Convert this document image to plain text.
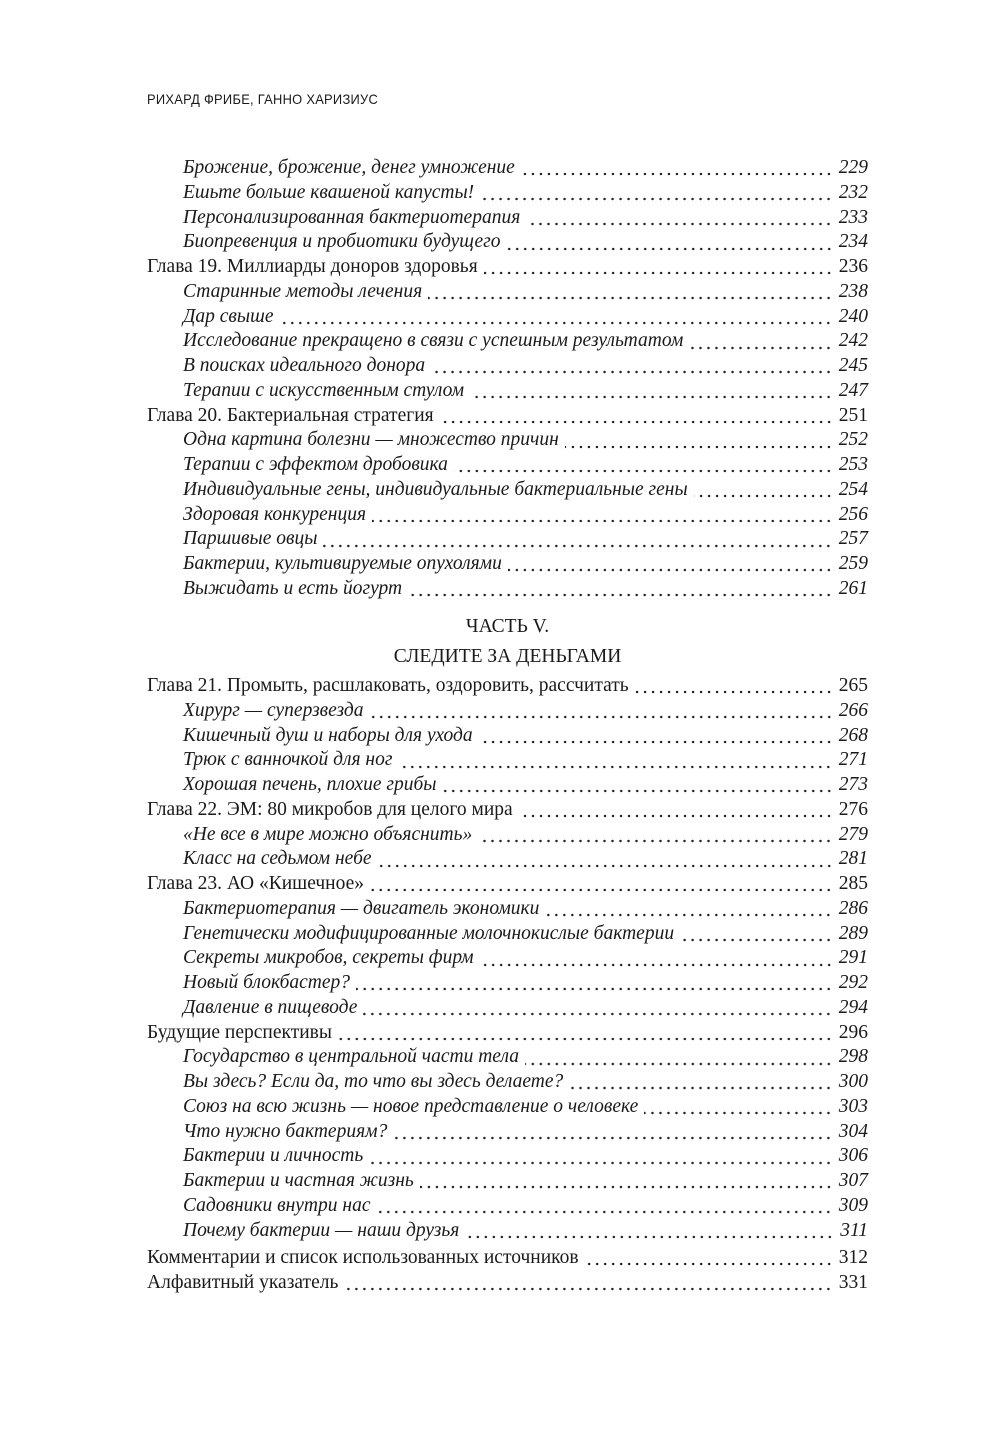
РИХАРД ФРИБЕ, ГАННО ХАРИЗИУС
Брожение, брожение, денег умножение	229
Ешьте больше квашеной капусты!	232
Персонализированная бактериотерапия	233
Биопревенция и пробиотики будущего	234
Глава 19. Миллиарды доноров здоровья	236
Старинные методы лечения	238
Дар свыше	240
Исследование прекращено в связи с успешным результатом	242
В поисках идеального донора	245
Терапии с искусственным стулом	247
Глава 20. Бактериальная стратегия	251
Одна картина болезни — множество причин	252
Терапии с эффектом дробовика	253
Индивидуальные гены, индивидуальные бактериальные гены	254
Здоровая конкуренция	256
Паршивые овцы	257
Бактерии, культивируемые опухолями	259
Выжидать и есть йогурт	261
ЧАСТЬ V.
СЛЕДИТЕ ЗА ДЕНЬГАМИ
Глава 21. Промыть, расшлаковать, оздоровить, рассчитать	265
Хирург — суперзвезда	266
Кишечный душ и наборы для ухода	268
Трюк с ванночкой для ног	271
Хорошая печень, плохие грибы	273
Глава 22. ЭМ: 80 микробов для целого мира	276
«Не все в мире можно объяснить»	279
Класс на седьмом небе	281
Глава 23. АО «Кишечное»	285
Бактериотерапия — двигатель экономики	286
Генетически модифицированные молочнокислые бактерии	289
Секреты микробов, секреты фирм	291
Новый блокбастер?	292
Давление в пищеводе	294
Будущие перспективы	296
Государство в центральной части тела	298
Вы здесь? Если да, то что вы здесь делаете?	300
Союз на всю жизнь — новое представление о человеке	303
Что нужно бактериям?	304
Бактерии и личность	306
Бактерии и частная жизнь	307
Садовники внутри нас	309
Почему бактерии — наши друзья	311
Комментарии и список использованных источников	312
Алфавитный указатель	331
